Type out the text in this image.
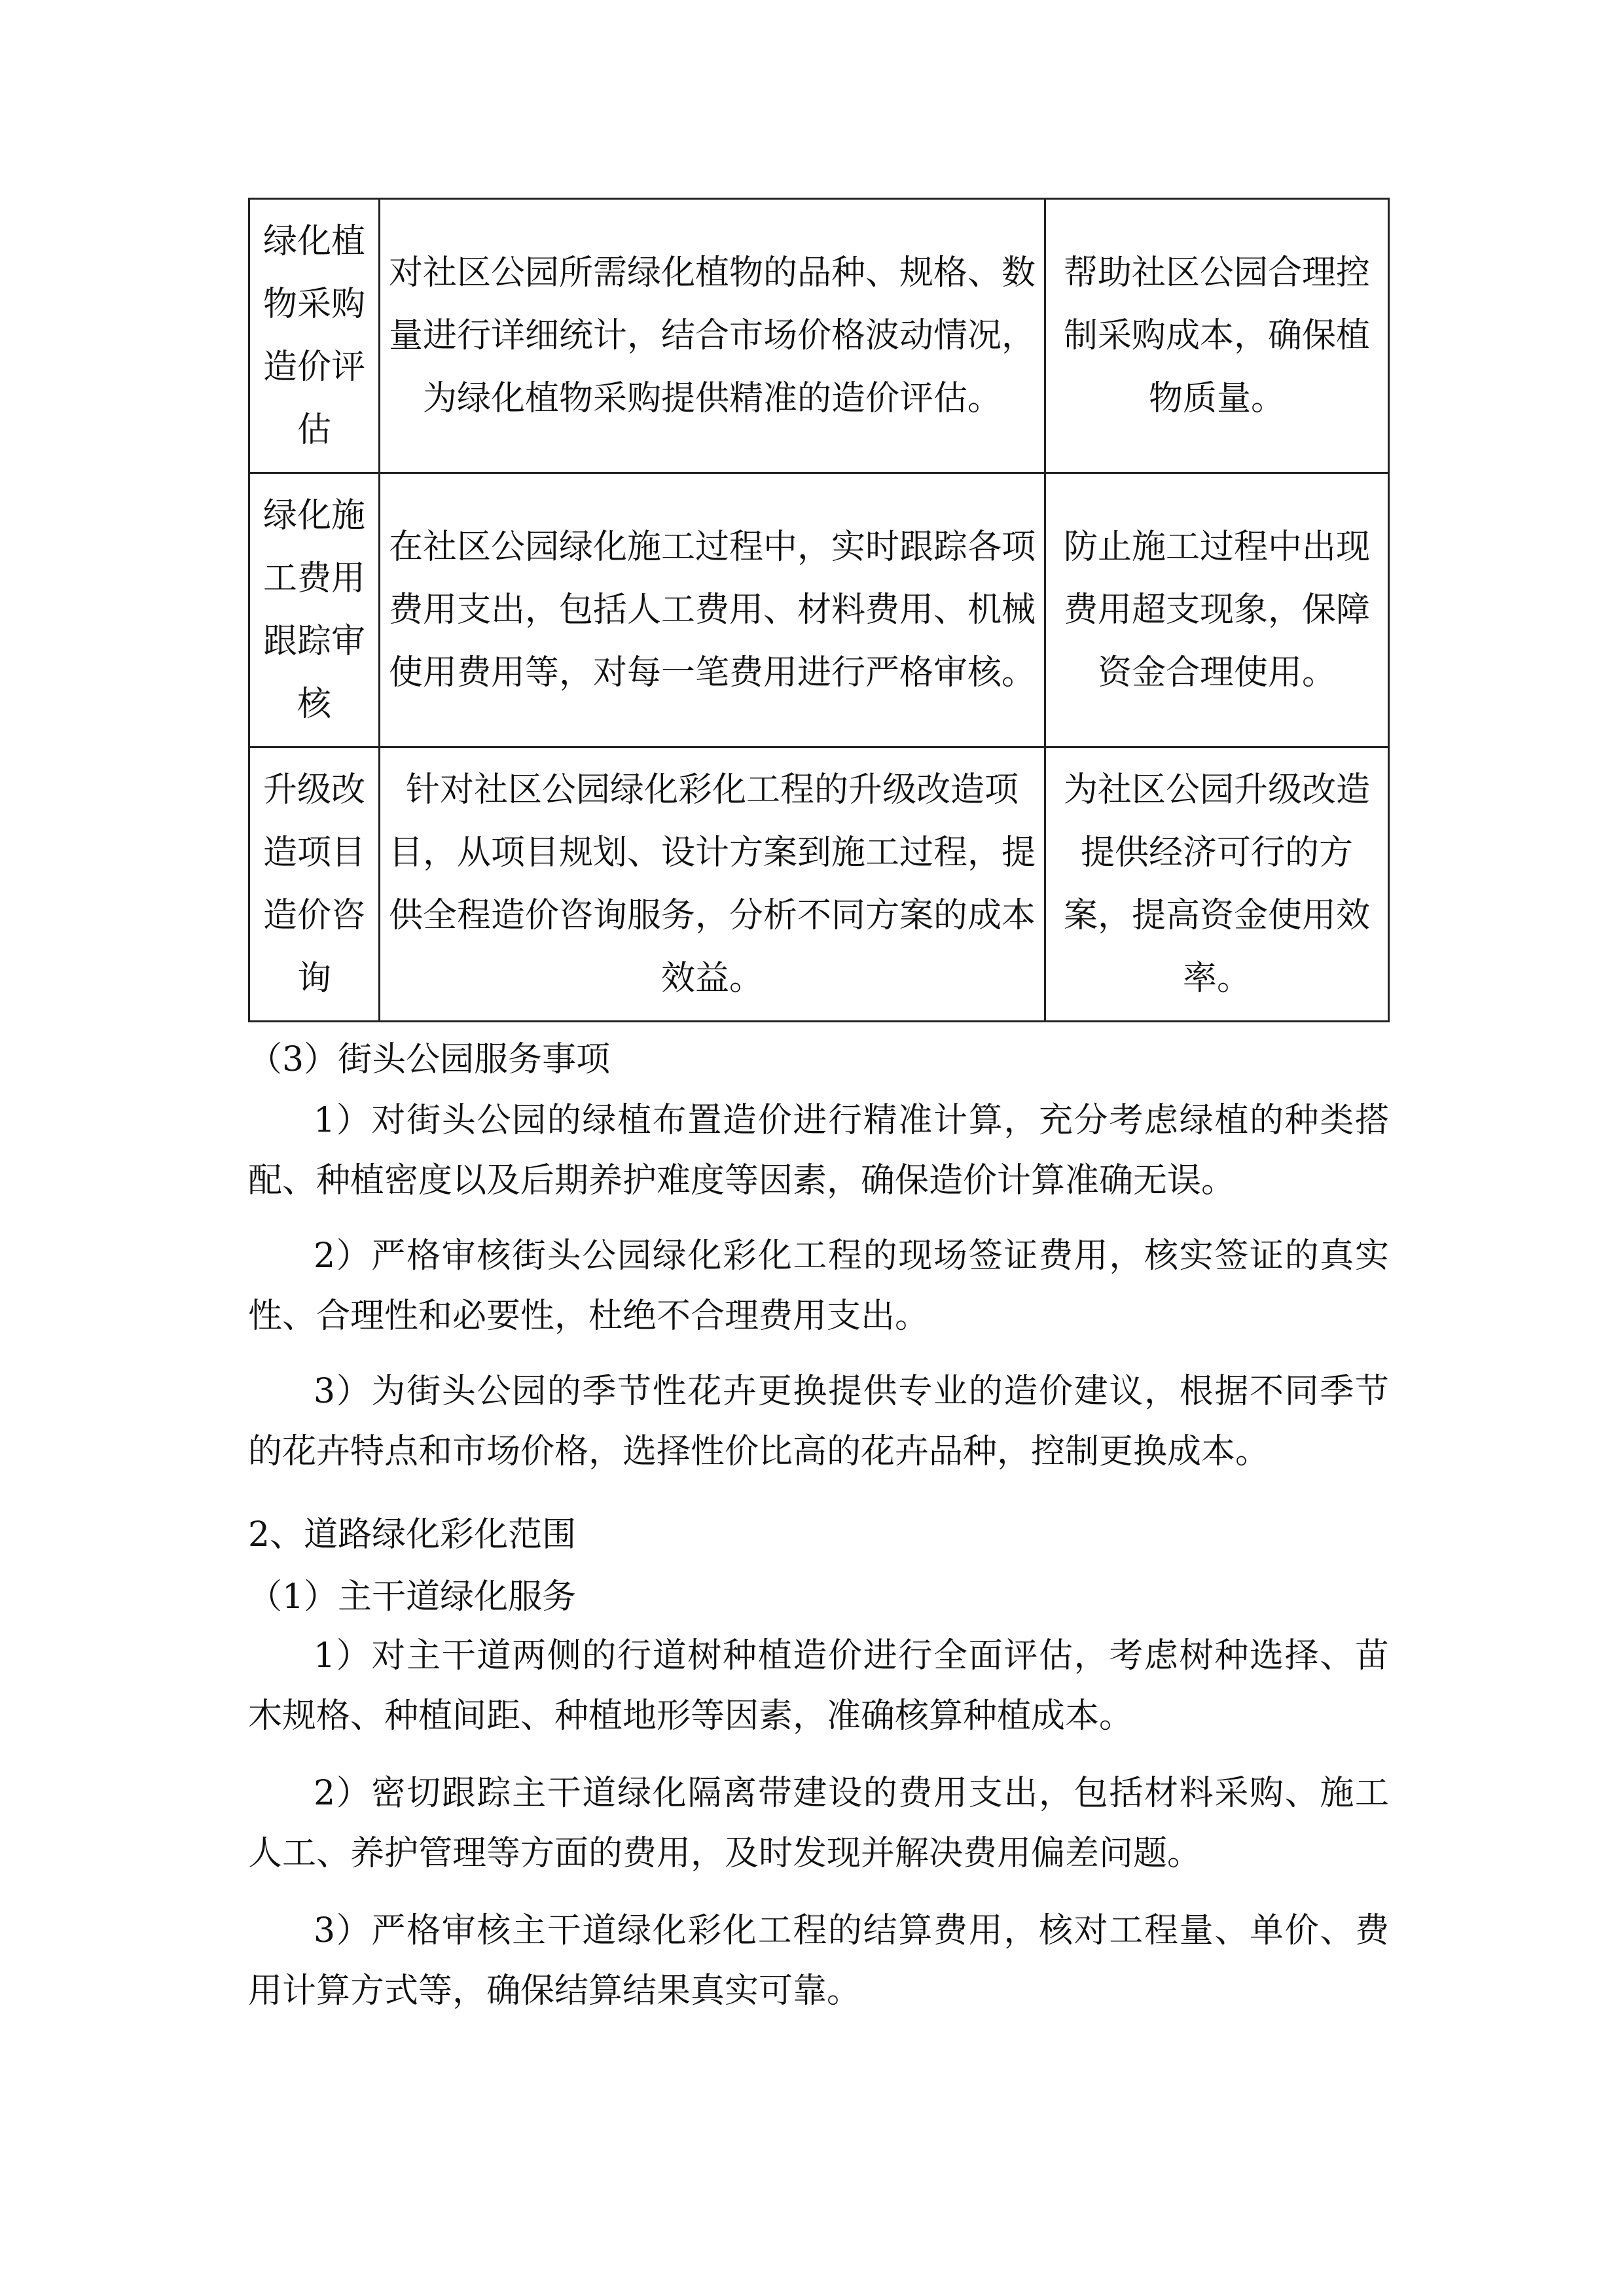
绿化植物采购造价评估	对社区公园所需绿化植物的品种、规格、数量进行详细统计，结合市场价格波动情况，为绿化植物采购提供精准的造价评估。	帮助社区公园合理控制采购成本，确保植物质量。
绿化施工费用跟踪审核	在社区公园绿化施工过程中，实时跟踪各项费用支出，包括人工费用、材料费用、机械使用费用等，对每一笔费用进行严格审核。	防止施工过程中出现费用超支现象，保障资金合理使用。
升级改造项目造价咨询	针对社区公园绿化彩化工程的升级改造项目，从项目规划、设计方案到施工过程，提供全程造价咨询服务，分析不同方案的成本效益。	为社区公园升级改造提供经济可行的方案，提高资金使用效率。
（3）街头公园服务事项
1）对街头公园的绿植布置造价进行精准计算，充分考虑绿植的种类搭配、种植密度以及后期养护难度等因素，确保造价计算准确无误。
2）严格审核街头公园绿化彩化工程的现场签证费用，核实签证的真实性、合理性和必要性，杜绝不合理费用支出。
3）为街头公园的季节性花卉更换提供专业的造价建议，根据不同季节的花卉特点和市场价格，选择性价比高的花卉品种，控制更换成本。
2、道路绿化彩化范围
（1）主干道绿化服务
1）对主干道两侧的行道树种植造价进行全面评估，考虑树种选择、苗木规格、种植间距、种植地形等因素，准确核算种植成本。
2）密切跟踪主干道绿化隔离带建设的费用支出，包括材料采购、施工人工、养护管理等方面的费用，及时发现并解决费用偏差问题。
3）严格审核主干道绿化彩化工程的结算费用，核对工程量、单价、费用计算方式等，确保结算结果真实可靠。
